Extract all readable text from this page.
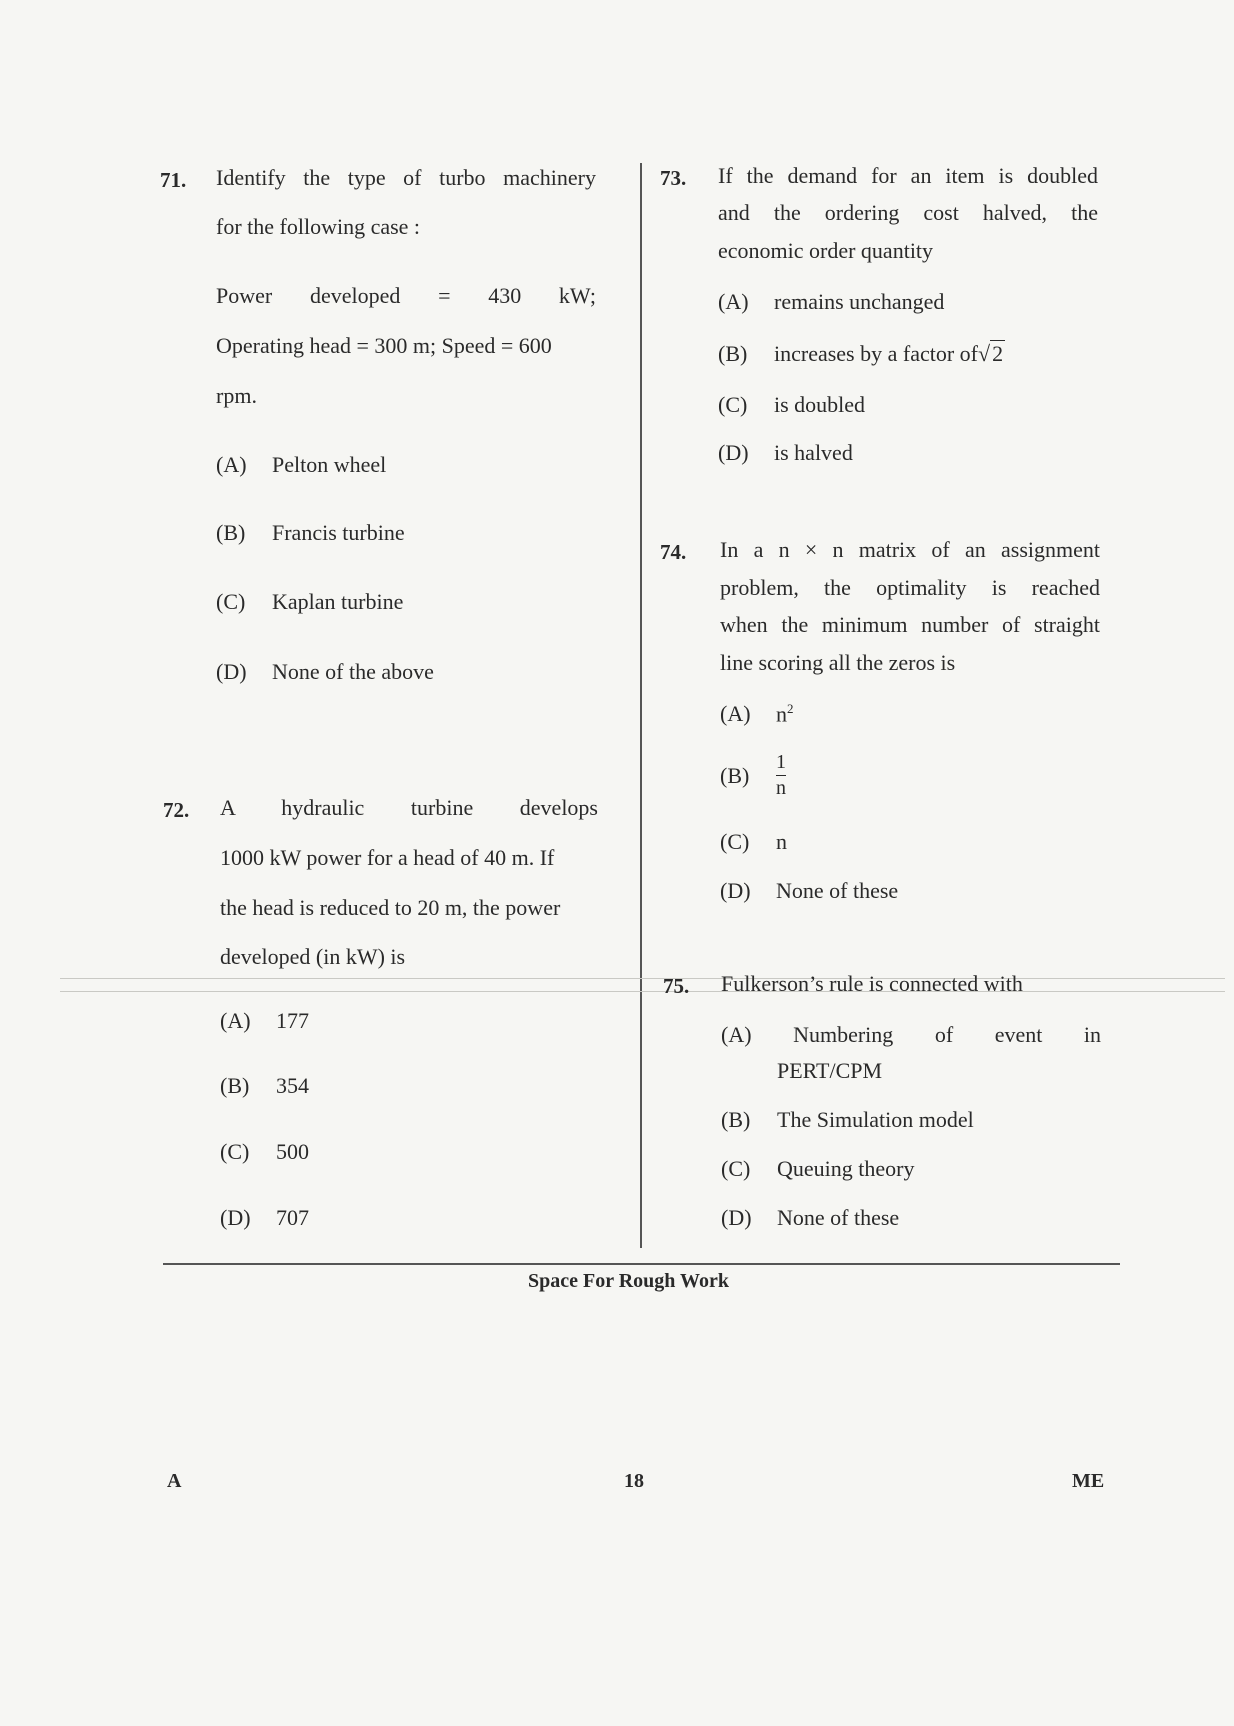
71. Identify the type of turbo machinery
for the following case :
Power developed = 430 kW;
Operating head = 300 m; Speed = 600
rpm.
(A) Pelton wheel
(B) Francis turbine
(C) Kaplan turbine
(D) None of the above
72. A hydraulic turbine develops
1000 kW power for a head of 40 m. If
the head is reduced to 20 m, the power
developed (in kW) is
(A) 177
(B) 354
(C) 500
(D) 707
73. If the demand for an item is doubled
and the ordering cost halved, the
economic order quantity
(A) remains unchanged
(B) increases by a factor of√2
(C) is doubled
(D) is halved
74. In a n × n matrix of an assignment
problem, the optimality is reached
when the minimum number of straight
line scoring all the zeros is
(A) $n^2$
$(B) \frac{1}{n}$
(C) n
(D) None of these
75. Fulkerson’s rule is connected with
(A) Numbering of event in
PERT/CPM
(B) The Simulation model
(C) Queuing theory
(D) None of these
Space For Rough Work
A	18	ME
